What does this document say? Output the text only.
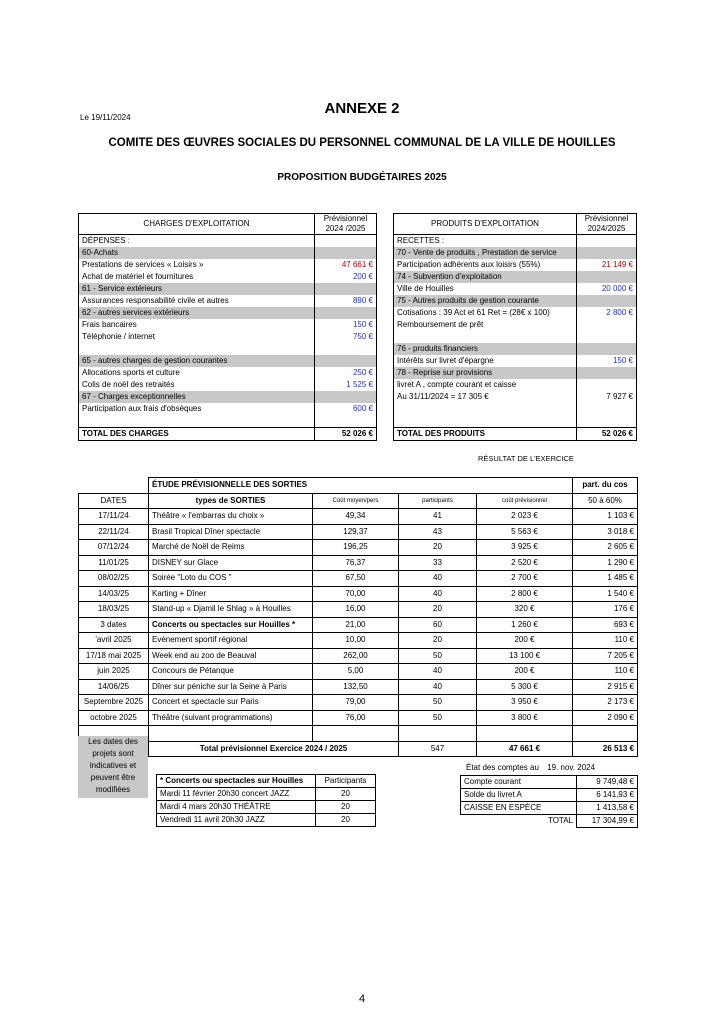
Le 19/11/2024
ANNEXE 2
COMITE DES ŒUVRES SOCIALES DU PERSONNEL COMMUNAL DE LA VILLE DE HOUILLES
PROPOSITION BUDGÉTAIRES 2025
CHARGES D'EXPLOITATION	Prévisionnel 2024 /2025
DÉPENSES :	
60-Achats	
Prestations de services « Loisirs »	47 661 €
Achat de matériel et fournitures	200 €
61 - Service extérieurs	
Assurances responsabilité civile et autres	890 €
62 - autres services extérieurs	
Frais bancaires	150 €
Téléphonie / internet	750 €

65 - autres charges de gestion courantes	
Allocations sports et culture	250 €
Colis de noël des retraités	1 525 €
67 - Charges exceptionnelles	
Participation aux frais d'obsèques	600 €

TOTAL DES CHARGES	52 026 €
PRODUITS D'EXPLOITATION	Prévisionnel 2024/2025
RECETTES :	
70 - Vente de produits , Prestation de service	
Participation adhérents aux loisirs (55%)	21 149 €
74 - Subvention d'exploitation	
Ville de Houilles	20 000 €
75 - Autres produits de gestion courante	
Cotisations : 39 Act et 61 Ret = (28€ x 100)	2 800 €
Remboursement de prêt	

76 - produits financiers	
Intérêts sur livret d'épargne	150 €
78 - Reprise sur provisions	
livret A , compte courant et caisse	
Au 31/11/2024 = 17 305 €	7 927 €

TOTAL DES PRODUITS	52 026 €
RÉSULTAT DE L'EXERCICE
	ÉTUDE PRÉVISIONNELLE DES SORTIES				part. du cos
DATES	types de SORTIES	Coût moyen/pers	participants	coût prévisionnel	50 à 60%
17/11/24	Théâtre « l'embarras du choix »	49,34	41	2 023 €	1 103 €
22/11/24	Brasil Tropical Dîner spectacle	129,37	43	5 563 €	3 018 €
07/12/24	Marché de Noël de Reims	196,25	20	3 925 €	2 605 €
11/01/25	DISNEY sur Glace	76,37	33	2 520 €	1 290 €
08/02/25	Soirée "Loto du COS "	67,50	40	2 700 €	1 485 €
14/03/25	Karting + Dîner	70,00	40	2 800 €	1 540 €
18/03/25	Stand-up « Djamil le Shlag » à Houilles	16,00	20	320 €	176 €
3 dates	Concerts ou spectacles sur Houilles *	21,00	60	1 260 €	693 €
'avril 2025	Evènement sportif régional	10,00	20	200 €	110 €
17/18 mai 2025	Week end au zoo de Beauval	262,00	50	13 100 €	7 205 €
juin 2025	Concours de Pétanque	5,00	40	200 €	110 €
14/06/25	Dîner sur péniche sur la Seine à Paris	132,50	40	5 300 €	2 915 €
Septembre 2025	Concert et spectacle sur Paris	79,00	50	3 950 €	2 173 €
octobre 2025	Théâtre (suivant programmations)	76,00	50	3 800 €	2 090 €

	Total prévisionnel Exercice 2024 / 2025		547	47 661 €	26 513 €
Les dates des projets sont indicatives et peuvent être modifiées
* Concerts ou spectacles sur Houilles	Participants
Mardi 11 février 20h30 concert JAZZ	20
Mardi 4 mars 20h30 THÉÂTRE	20
Vendredi 11 avril 20h30 JAZZ	20
État des comptes au 19. nov. 2024
Compte courant	9 749,48 €
Solde du livret A	6 141,93 €
CAISSE EN ESPÈCE	1 413,58 €
TOTAL	17 304,99 €
4
